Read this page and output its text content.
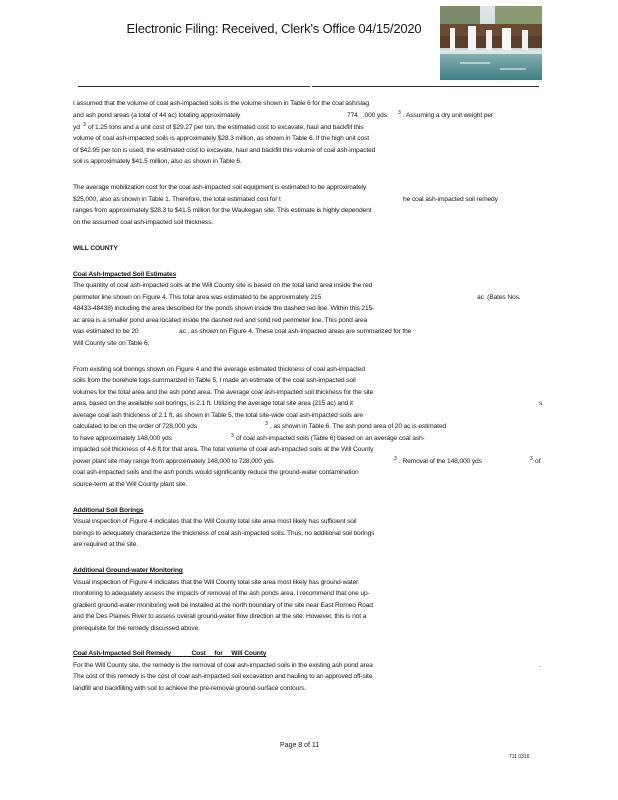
Electronic Filing: Received, Clerk's Office 04/15/2020
I assumed that the volume of coal ash-impacted soils is the volume shown in Table 6 for the coal ash/slag
and ash pond areas (a total of 44 ac) totaling approximately	774   ,000 yds 3 . Assuming a dry unit weight per
yd 3 of 1.25 tons and a unit cost of $29.27 per ton, the estimated cost to excavate, haul and backfill this
volume of coal ash-impacted soils is approximately $28.3 million, as shown in Table 6. If the high unit cost
of $42.95 per ton is used, the estimated cost to excavate, haul and backfill this volume of coal ash-impacted
soil is approximately $41.5 million, also as shown in Table 6.
The average mobilization cost for the coal ash-impacted soil equipment is estimated to be approximately
$25,000, also as shown in Table 1. Therefore, the total estimated cost for t	he coal ash-impacted soil remedy
ranges from approximately $28.3 to $41.5 million for the Waukegan site. This estimate is highly dependent
on the assumed coal ash-impacted soil thickness.
WILL COUNTY
Coal Ash-Impacted Soil Estimates
The quantity of coal ash-impacted soils at the Will County site is based on the total land area inside the red
perimeter line shown on Figure 4. This total area was estimated to be approximately 215	ac  (Bates Nos.
48433-48438) including the area described for the ponds shown inside the dashed red line. Within this 215-
ac area is a smaller pond area located inside the dashed red and solid red perimeter line. This pond area
was estimated to be 20	ac , as shown on Figure 4. These coal ash-impacted areas are summarized for the
Will County site on Table 6.
From existing soil borings shown on Figure 4 and the average estimated thickness of coal ash-impacted
soils from the borehole logs summarized in Table 5, I made an estimate of the coal ash-impacted soil
volumes for the total area and the ash pond area. The average coal ash-impacted soil thickness for the site
area, based on the available soil borings, is 2.1 ft. Utilizing the average total site area (215 ac) and it	s
average coal ash thickness of 2.1 ft, as shown in Table 5, the total site-wide coal ash-impacted soils are
calculated to be on the order of 728,000 yds	3 , as shown in Table 6. The ash pond area of 20 ac is estimated
to have approximately 148,000 yds	3 of coal ash-impacted soils (Table 6) based on an average coal ash-
impacted soil thickness of 4.6 ft for that area. The total volume of coal ash-impacted soils at the Will County
power plant site may range from approximately 148,000 to 728,000 yds	3 . Removal of the 148,000 yds	3 of
coal ash-impacted soils and the ash ponds would significantly reduce the ground-water contamination
source-term at the Will County plant site.
Additional Soil Borings
Visual inspection of Figure 4 indicates that the Will County total site area most likely has sufficient soil
borings to adequately characterize the thickness of coal ash-impacted soils. Thus, no additional soil borings
are required at the site.
Additional Ground-water Monitoring
Visual inspection of Figure 4 indicates that the Will County total site area most likely has ground-water
monitoring to adequately assess the impacts of removal of the ash ponds area. I recommend that one up-
gradient ground-water monitoring well be installed at the north boundary of the site near East Romeo Road
and the Des Plaines River to assess overall ground-water flow direction at the site. However, this is not a
prerequisite for the remedy discussed above.
Coal Ash-Impacted Soil Remedy            Cost     for     Will County
For the Will County site, the remedy is the removal of coal ash-impacted soils in the existing ash pond area	.
The cost of this remedy is the cost of coal ash-impacted soil excavation and hauling to an approved off-site
landfill and backfilling with soil to achieve the pre-removal ground-surface contours.
Page 8 of 11
711 0316
